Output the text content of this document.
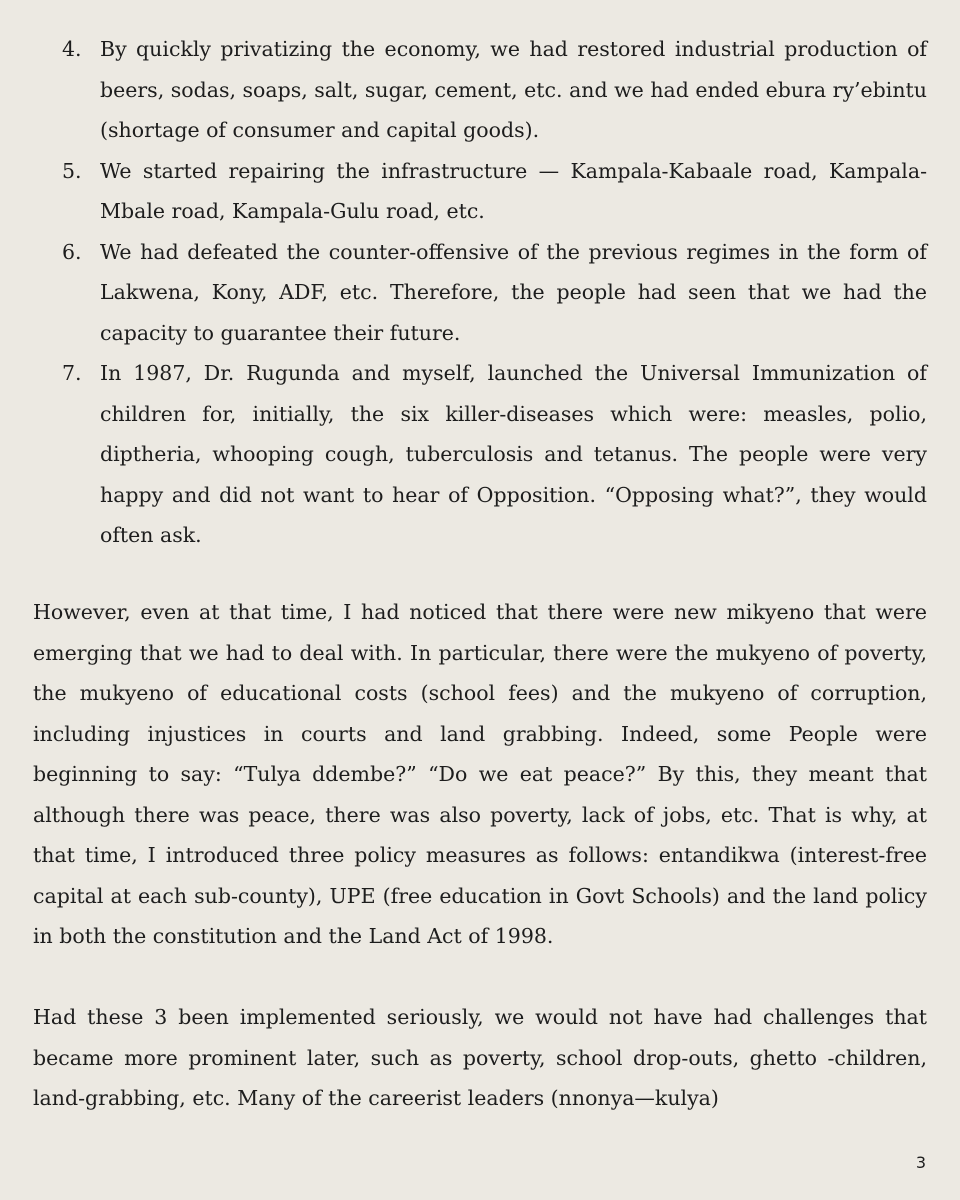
4. By quickly privatizing the economy, we had restored industrial production of beers, sodas, soaps, salt, sugar, cement, etc. and we had ended ebura ry’ebintu (shortage of consumer and capital goods).
5. We started repairing the infrastructure — Kampala-Kabaale road, Kampala-Mbale road, Kampala-Gulu road, etc.
6. We had defeated the counter-offensive of the previous regimes in the form of Lakwena, Kony, ADF, etc. Therefore, the people had seen that we had the capacity to guarantee their future.
7. In 1987, Dr. Rugunda and myself, launched the Universal Immunization of children for, initially, the six killer-diseases which were: measles, polio, diptheria, whooping cough, tuberculosis and tetanus. The people were very happy and did not want to hear of Opposition. “Opposing what?”, they would often ask.

However, even at that time, I had noticed that there were new mikyeno that were emerging that we had to deal with. In particular, there were the mukyeno of poverty, the mukyeno of educational costs (school fees) and the mukyeno of corruption, including injustices in courts and land grabbing. Indeed, some People were beginning to say: “Tulya ddembe?” “Do we eat peace?” By this, they meant that although there was peace, there was also poverty, lack of jobs, etc. That is why, at that time, I introduced three policy measures as follows: entandikwa (interest-free capital at each sub-county), UPE (free education in Govt Schools) and the land policy in both the constitution and the Land Act of 1998.

Had these 3 been implemented seriously, we would not have had challenges that became more prominent later, such as poverty, school drop-outs, ghetto -children, land-grabbing, etc. Many of the careerist leaders (nnonya—kulya)

3
